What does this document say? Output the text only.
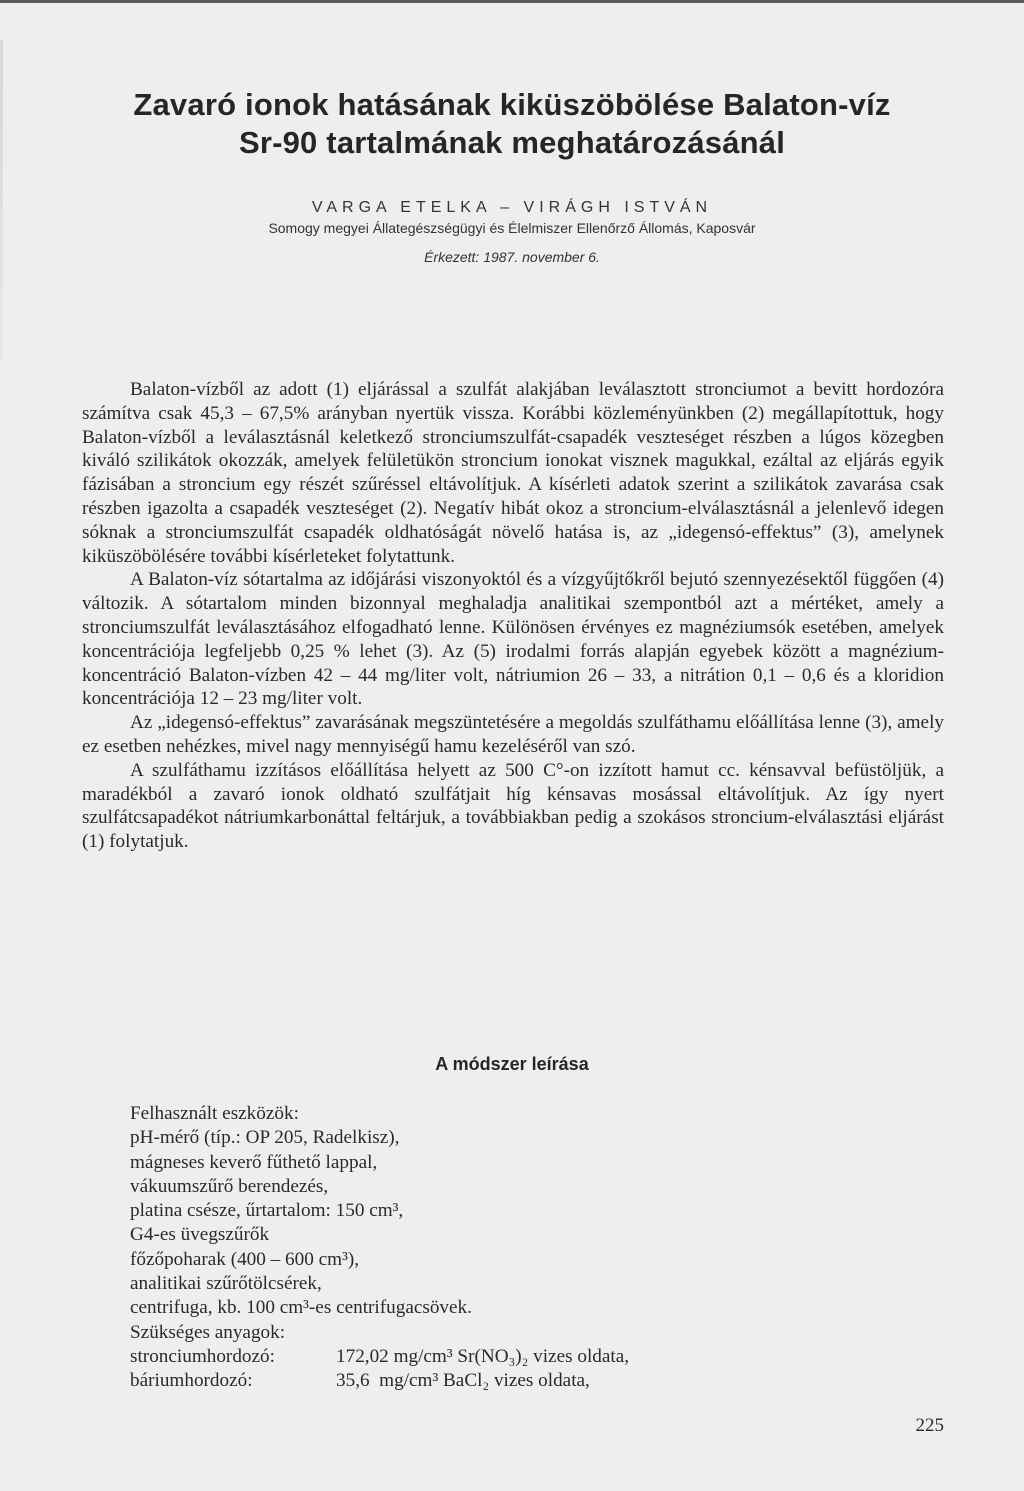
Zavaró ionok hatásának kiküszöbölése Balaton-víz
Sr-90 tartalmának meghatározásánál
VARGA ETELKA – VIRÁGH ISTVÁN
Somogy megyei Állategészségügyi és Élelmiszer Ellenőrző Állomás, Kaposvár
Érkezett: 1987. november 6.

Balaton-vízből az adott (1) eljárással a szulfát alakjában leválasztott stronciumot a bevitt hordozóra számítva csak 45,3 – 67,5% arányban nyertük vissza. Korábbi közleményünkben (2) megállapítottuk, hogy Balaton-vízből a leválasztásnál keletkező stronciumszulfát-csapadék veszteséget részben a lúgos közegben kiváló szilikátok okozzák, amelyek felületükön stroncium ionokat visznek magukkal, ezáltal az eljárás egyik fázisában a stroncium egy részét szűréssel eltávolítjuk. A kísérleti adatok szerint a szilikátok zavarása csak részben igazolta a csapadék veszteséget (2). Negatív hibát okoz a stroncium-elválasztásnál a jelenlevő idegen sóknak a stronciumszulfát csapadék oldhatóságát növelő hatása is, az „idegensó-effektus” (3), amelynek kiküszöbölésére további kísérleteket folytattunk.

A Balaton-víz sótartalma az időjárási viszonyoktól és a vízgyűjtőkről bejutó szennyezésektől függően (4) változik. A sótartalom minden bizonnyal meghaladja analitikai szempontból azt a mértéket, amely a stronciumszulfát leválasztásához elfogadható lenne. Különösen érvényes ez magnéziumsók esetében, amelyek koncentrációja legfeljebb 0,25 % lehet (3). Az (5) irodalmi forrás alapján egyebek között a magnézium-koncentráció Balaton-vízben 42 – 44 mg/liter volt, nátriumion 26 – 33, a nitrátion 0,1 – 0,6 és a kloridion koncentrációja 12 – 23 mg/liter volt.

Az „idegensó-effektus” zavarásának megszüntetésére a megoldás szulfáthamu előállítása lenne (3), amely ez esetben nehézkes, mivel nagy mennyiségű hamu kezeléséről van szó.

A szulfáthamu izzításos előállítása helyett az 500 C°-on izzított hamut cc. kénsavval befüstöljük, a maradékból a zavaró ionok oldható szulfátjait híg kénsavas mosással eltávolítjuk. Az így nyert szulfátcsapadékot nátriumkarbonáttal feltárjuk, a továbbiakban pedig a szokásos stroncium-elválasztási eljárást (1) folytatjuk.

A módszer leírása
Felhasznált eszközök:
pH-mérő (típ.: OP 205, Radelkisz),
mágneses keverő fűthető lappal,
vákuumszűrő berendezés,
platina csésze, űrtartalom: 150 cm³,
G4-es üvegszűrők
főzőpoharak (400 – 600 cm³),
analitikai szűrőtölcsérek,
centrifuga, kb. 100 cm³-es centrifugacsövek.
Szükséges anyagok:
stronciumhordozó:	172,02 mg/cm³ Sr(NO₃)₂ vizes oldata,
báriumhordozó:	35,6  mg/cm³ BaCl₂ vizes oldata,
225
